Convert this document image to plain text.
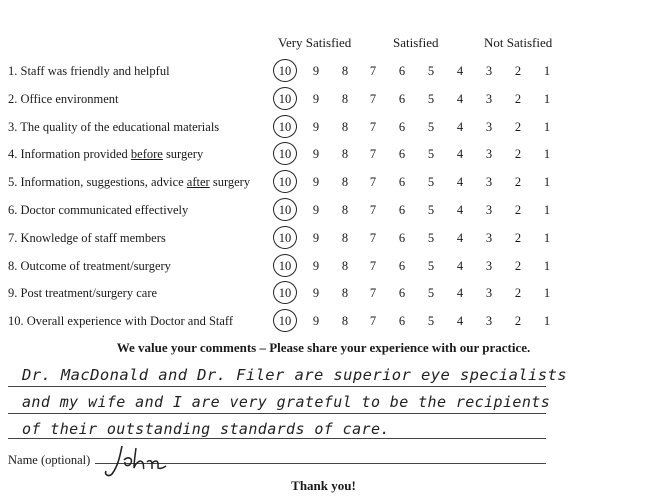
Very Satisfied	Satisfied	Not Satisfied
1. Staff was friendly and helpful	10	9	8	7	6	5	4	3	2	1
2. Office environment	10	9	8	7	6	5	4	3	2	1
3. The quality of the educational materials	10	9	8	7	6	5	4	3	2	1
4. Information provided before surgery	10	9	8	7	6	5	4	3	2	1
5. Information, suggestions, advice after surgery 10	9	8	7	6	5	4	3	2	1
6. Doctor communicated effectively	10	9	8	7	6	5	4	3	2	1
7. Knowledge of staff members	10	9	8	7	6	5	4	3	2	1
8. Outcome of treatment/surgery	10	9	8	7	6	5	4	3	2	1
9. Post treatment/surgery care	10	9	8	7	6	5	4	3	2	1
10. Overall experience with Doctor and Staff	10	9	8	7	6	5	4	3	2	1
We value your comments – Please share your experience with our practice.
Dr. MacDonald and Dr. Filer are superior eye specialists
and my wife and I are very grateful to be the recipients
of their outstanding standards of care.
Name (optional)
Thank you!
